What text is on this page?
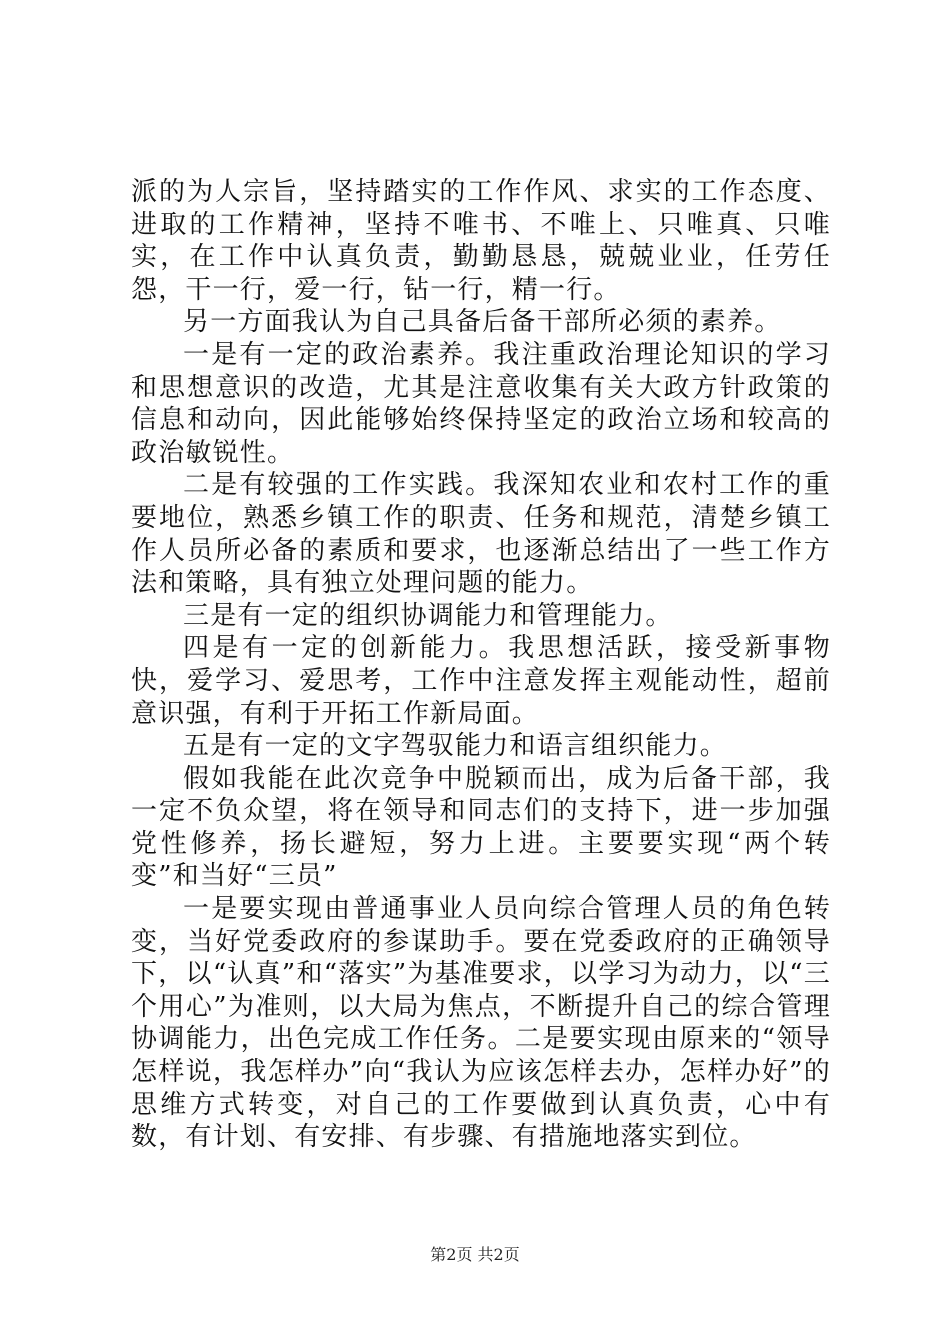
派的为人宗旨，坚持踏实的工作作风、求实的工作态度、进取的工作精神，坚持不唯书、不唯上、只唯真、只唯实，在工作中认真负责，勤勤恳恳，兢兢业业，任劳任怨，干一行，爱一行，钻一行，精一行。

另一方面我认为自己具备后备干部所必须的素养。

一是有一定的政治素养。我注重政治理论知识的学习和思想意识的改造，尤其是注意收集有关大政方针政策的信息和动向，因此能够始终保持坚定的政治立场和较高的政治敏锐性。

二是有较强的工作实践。我深知农业和农村工作的重要地位，熟悉乡镇工作的职责、任务和规范，清楚乡镇工作人员所必备的素质和要求，也逐渐总结出了一些工作方法和策略，具有独立处理问题的能力。

三是有一定的组织协调能力和管理能力。

四是有一定的创新能力。我思想活跃，接受新事物快，爱学习、爱思考，工作中注意发挥主观能动性，超前意识强，有利于开拓工作新局面。

五是有一定的文字驾驭能力和语言组织能力。

假如我能在此次竞争中脱颖而出，成为后备干部，我一定不负众望，将在领导和同志们的支持下，进一步加强党性修养，扬长避短，努力上进。主要要实现“两个转变”和当好“三员”

一是要实现由普通事业人员向综合管理人员的角色转变，当好党委政府的参谋助手。要在党委政府的正确领导下，以“认真”和“落实”为基准要求，以学习为动力，以“三个用心”为准则，以大局为焦点，不断提升自己的综合管理协调能力，出色完成工作任务。二是要实现由原来的“领导怎样说，我怎样办”向“我认为应该怎样去办，怎样办好”的思维方式转变，对自己的工作要做到认真负责，心中有数，有计划、有安排、有步骤、有措施地落实到位。

第2页 共2页
